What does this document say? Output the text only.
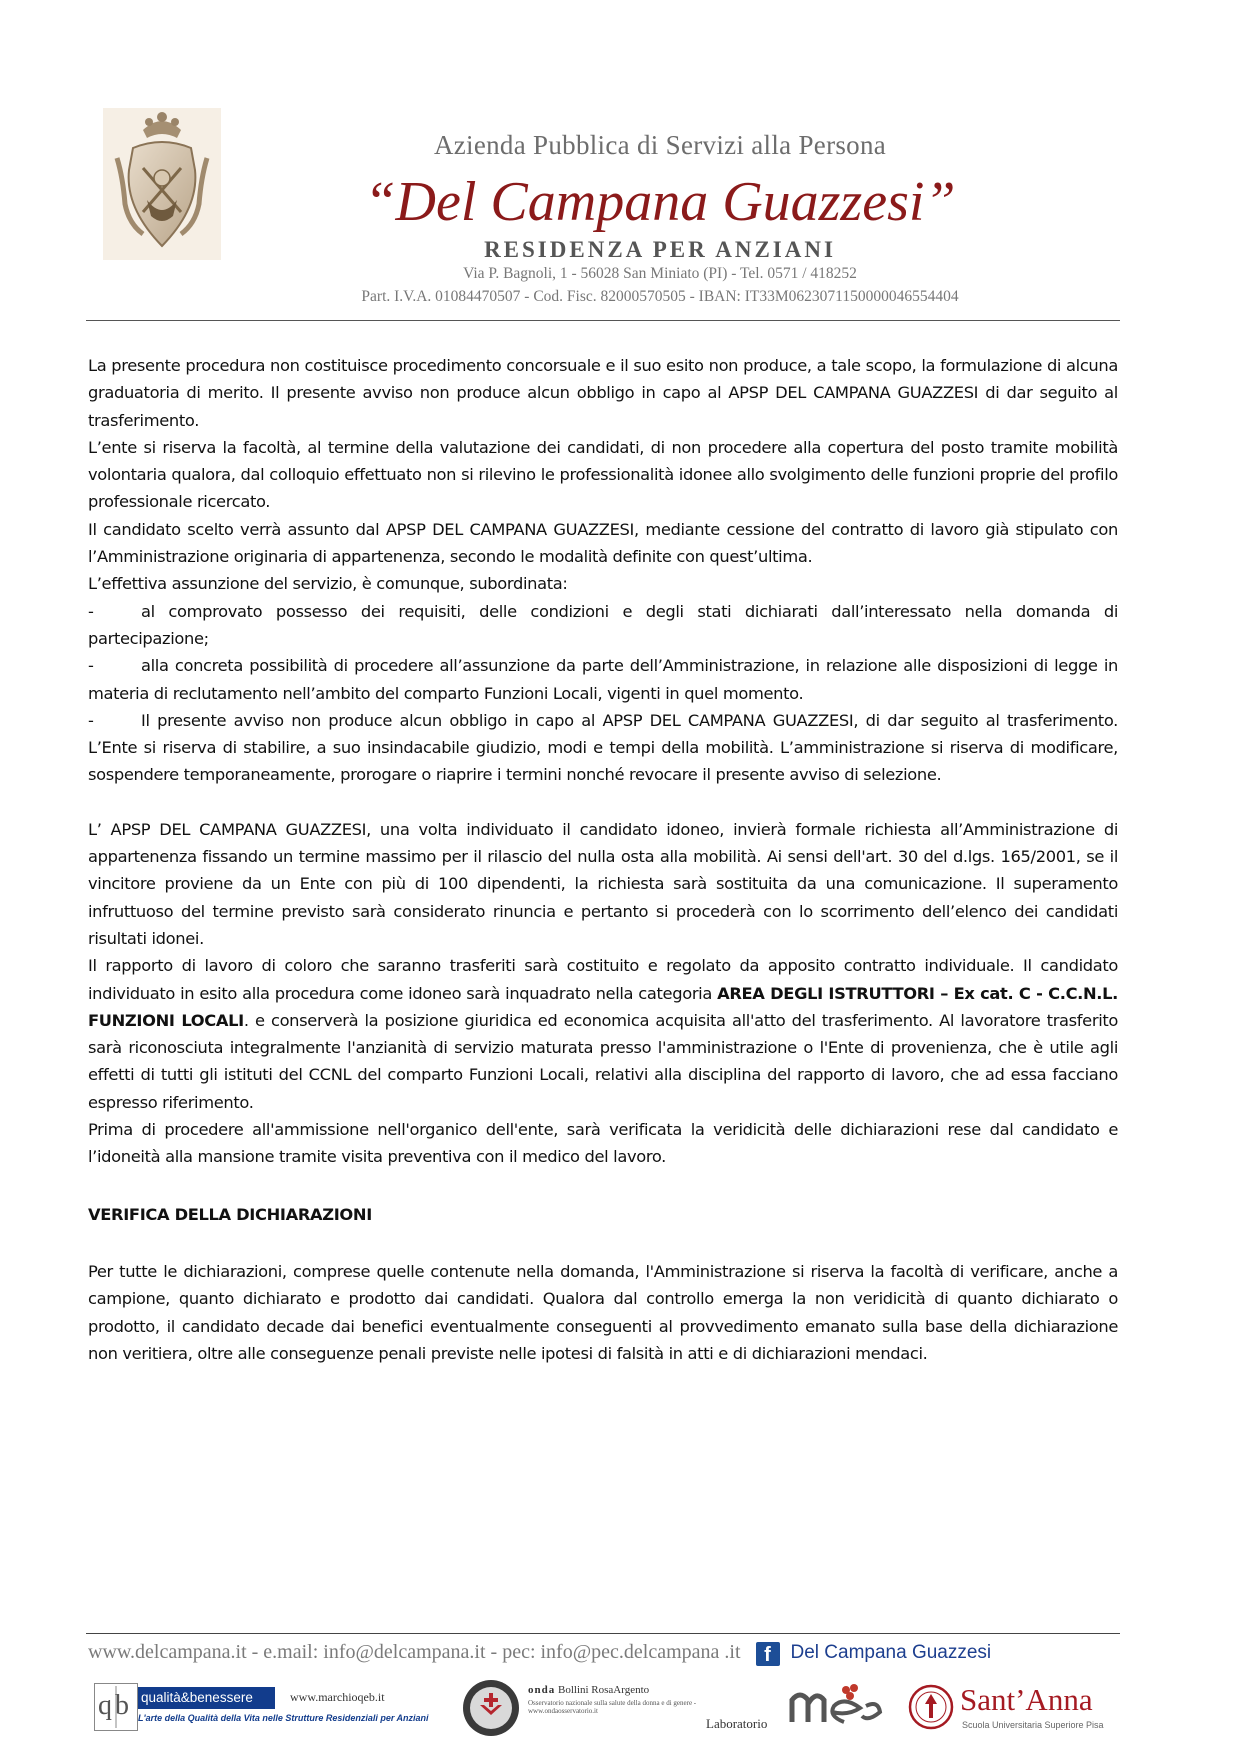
Azienda Pubblica di Servizi alla Persona
“Del Campana Guazzesi”
RESIDENZA PER ANZIANI
Via P. Bagnoli, 1 - 56028 San Miniato (PI) - Tel. 0571 / 418252
Part. I.V.A. 01084470507 - Cod. Fisc. 82000570505 - IBAN: IT33M0623071150000046554404

La presente procedura non costituisce procedimento concorsuale e il suo esito non produce, a tale scopo, la formulazione di alcuna graduatoria di merito. Il presente avviso non produce alcun obbligo in capo al APSP DEL CAMPANA GUAZZESI di dar seguito al trasferimento.

L’ente si riserva la facoltà, al termine della valutazione dei candidati, di non procedere alla copertura del posto tramite mobilità volontaria qualora, dal colloquio effettuato non si rilevino le professionalità idonee allo svolgimento delle funzioni proprie del profilo professionale ricercato.

Il candidato scelto verrà assunto dal APSP DEL CAMPANA GUAZZESI, mediante cessione del contratto di lavoro già stipulato con l’Amministrazione originaria di appartenenza, secondo le modalità definite con quest’ultima.

L’effettiva assunzione del servizio, è comunque, subordinata:

-	al comprovato possesso dei requisiti, delle condizioni e degli stati dichiarati dall’interessato nella domanda di partecipazione;

-	alla concreta possibilità di procedere all’assunzione da parte dell’Amministrazione, in relazione alle disposizioni di legge in materia di reclutamento nell’ambito del comparto Funzioni Locali, vigenti in quel momento.

-	Il presente avviso non produce alcun obbligo in capo al APSP DEL CAMPANA GUAZZESI, di dar seguito al trasferimento. L’Ente si riserva di stabilire, a suo insindacabile giudizio, modi e tempi della mobilità. L’amministrazione si riserva di modificare, sospendere temporaneamente, prorogare o riaprire i termini nonché revocare il presente avviso di selezione.

L’ APSP DEL CAMPANA GUAZZESI, una volta individuato il candidato idoneo, invierà formale richiesta all’Amministrazione di appartenenza fissando un termine massimo per il rilascio del nulla osta alla mobilità. Ai sensi dell'art. 30 del d.lgs. 165/2001, se il vincitore proviene da un Ente con più di 100 dipendenti, la richiesta sarà sostituita da una comunicazione. Il superamento infruttuoso del termine previsto sarà considerato rinuncia e pertanto si procederà con lo scorrimento dell’elenco dei candidati risultati idonei.

Il rapporto di lavoro di coloro che saranno trasferiti sarà costituito e regolato da apposito contratto individuale. Il candidato individuato in esito alla procedura come idoneo sarà inquadrato nella categoria AREA DEGLI ISTRUTTORI – Ex cat. C - C.C.N.L. FUNZIONI LOCALI. e conserverà la posizione giuridica ed economica acquisita all'atto del trasferimento. Al lavoratore trasferito sarà riconosciuta integralmente l'anzianità di servizio maturata presso l'amministrazione o l'Ente di provenienza, che è utile agli effetti di tutti gli istituti del CCNL del comparto Funzioni Locali, relativi alla disciplina del rapporto di lavoro, che ad essa facciano espresso riferimento.

Prima di procedere all'ammissione nell'organico dell'ente, sarà verificata la veridicità delle dichiarazioni rese dal candidato e l’idoneità alla mansione tramite visita preventiva con il medico del lavoro.

VERIFICA DELLA DICHIARAZIONI

Per tutte le dichiarazioni, comprese quelle contenute nella domanda, l'Amministrazione si riserva la facoltà di verificare, anche a campione, quanto dichiarato e prodotto dai candidati. Qualora dal controllo emerga la non veridicità di quanto dichiarato o prodotto, il candidato decade dai benefici eventualmente conseguenti al provvedimento emanato sulla base della dichiarazione non veritiera, oltre alle conseguenze penali previste nelle ipotesi di falsità in atti e di dichiarazioni mendaci.

www.delcampana.it - e.mail: info@delcampana.it - pec: info@pec.delcampana .it f Del Campana Guazzesi
q b qualità&benessere
L'arte della Qualità della Vita nelle Strutture Residenziali per Anziani
www.marchioqeb.it	onda Bollini RosaArgento
Osservatorio nazionale sulla salute della donna e di genere - www.ondaosservatorio.it
Laboratorio
Sant’Anna
Scuola Universitaria Superiore Pisa
